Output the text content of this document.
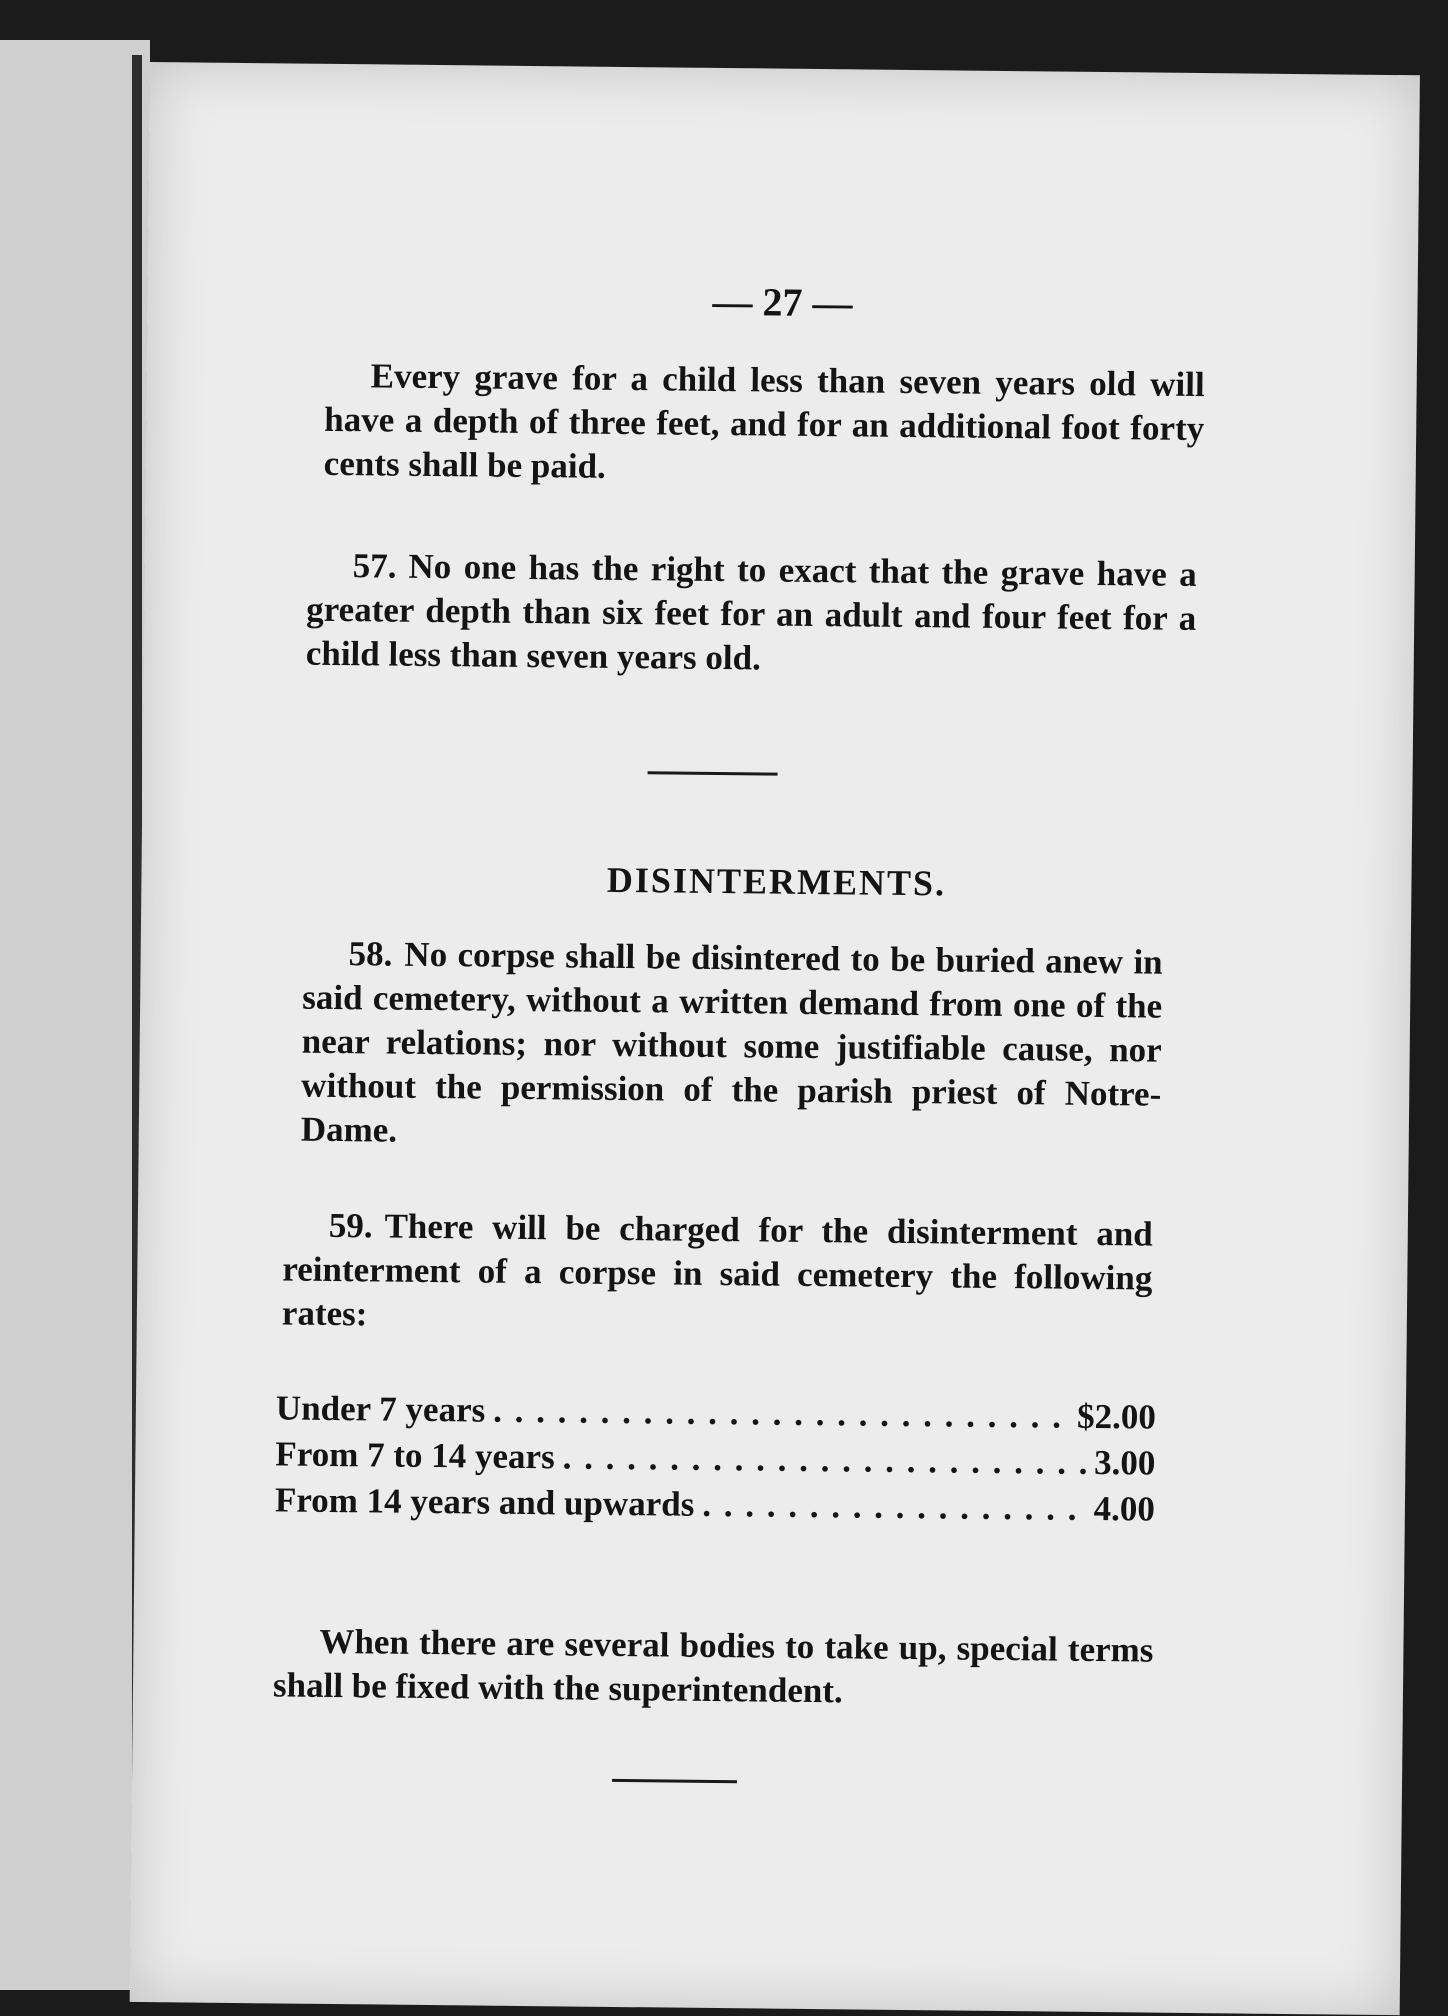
— 27 —
Every grave for a child less than seven years old will have a depth of three feet, and for an additional foot forty cents shall be paid.
57. No one has the right to exact that the grave have a greater depth than six feet for an adult and four feet for a child less than seven years old.
DISINTERMENTS.
58. No corpse shall be disintered to be buried anew in said cemetery, without a written demand from one of the near relations; nor without some justifiable cause, nor without the permission of the parish priest of Notre-Dame.
59. There will be charged for the disinterment and reinterment of a corpse in said cemetery the following rates:
Under 7 years . . .	$2.00
From 7 to 14 years . . .	3.00
From 14 years and upwards . . .	4.00
When there are several bodies to take up, special terms shall be fixed with the superintendent.
